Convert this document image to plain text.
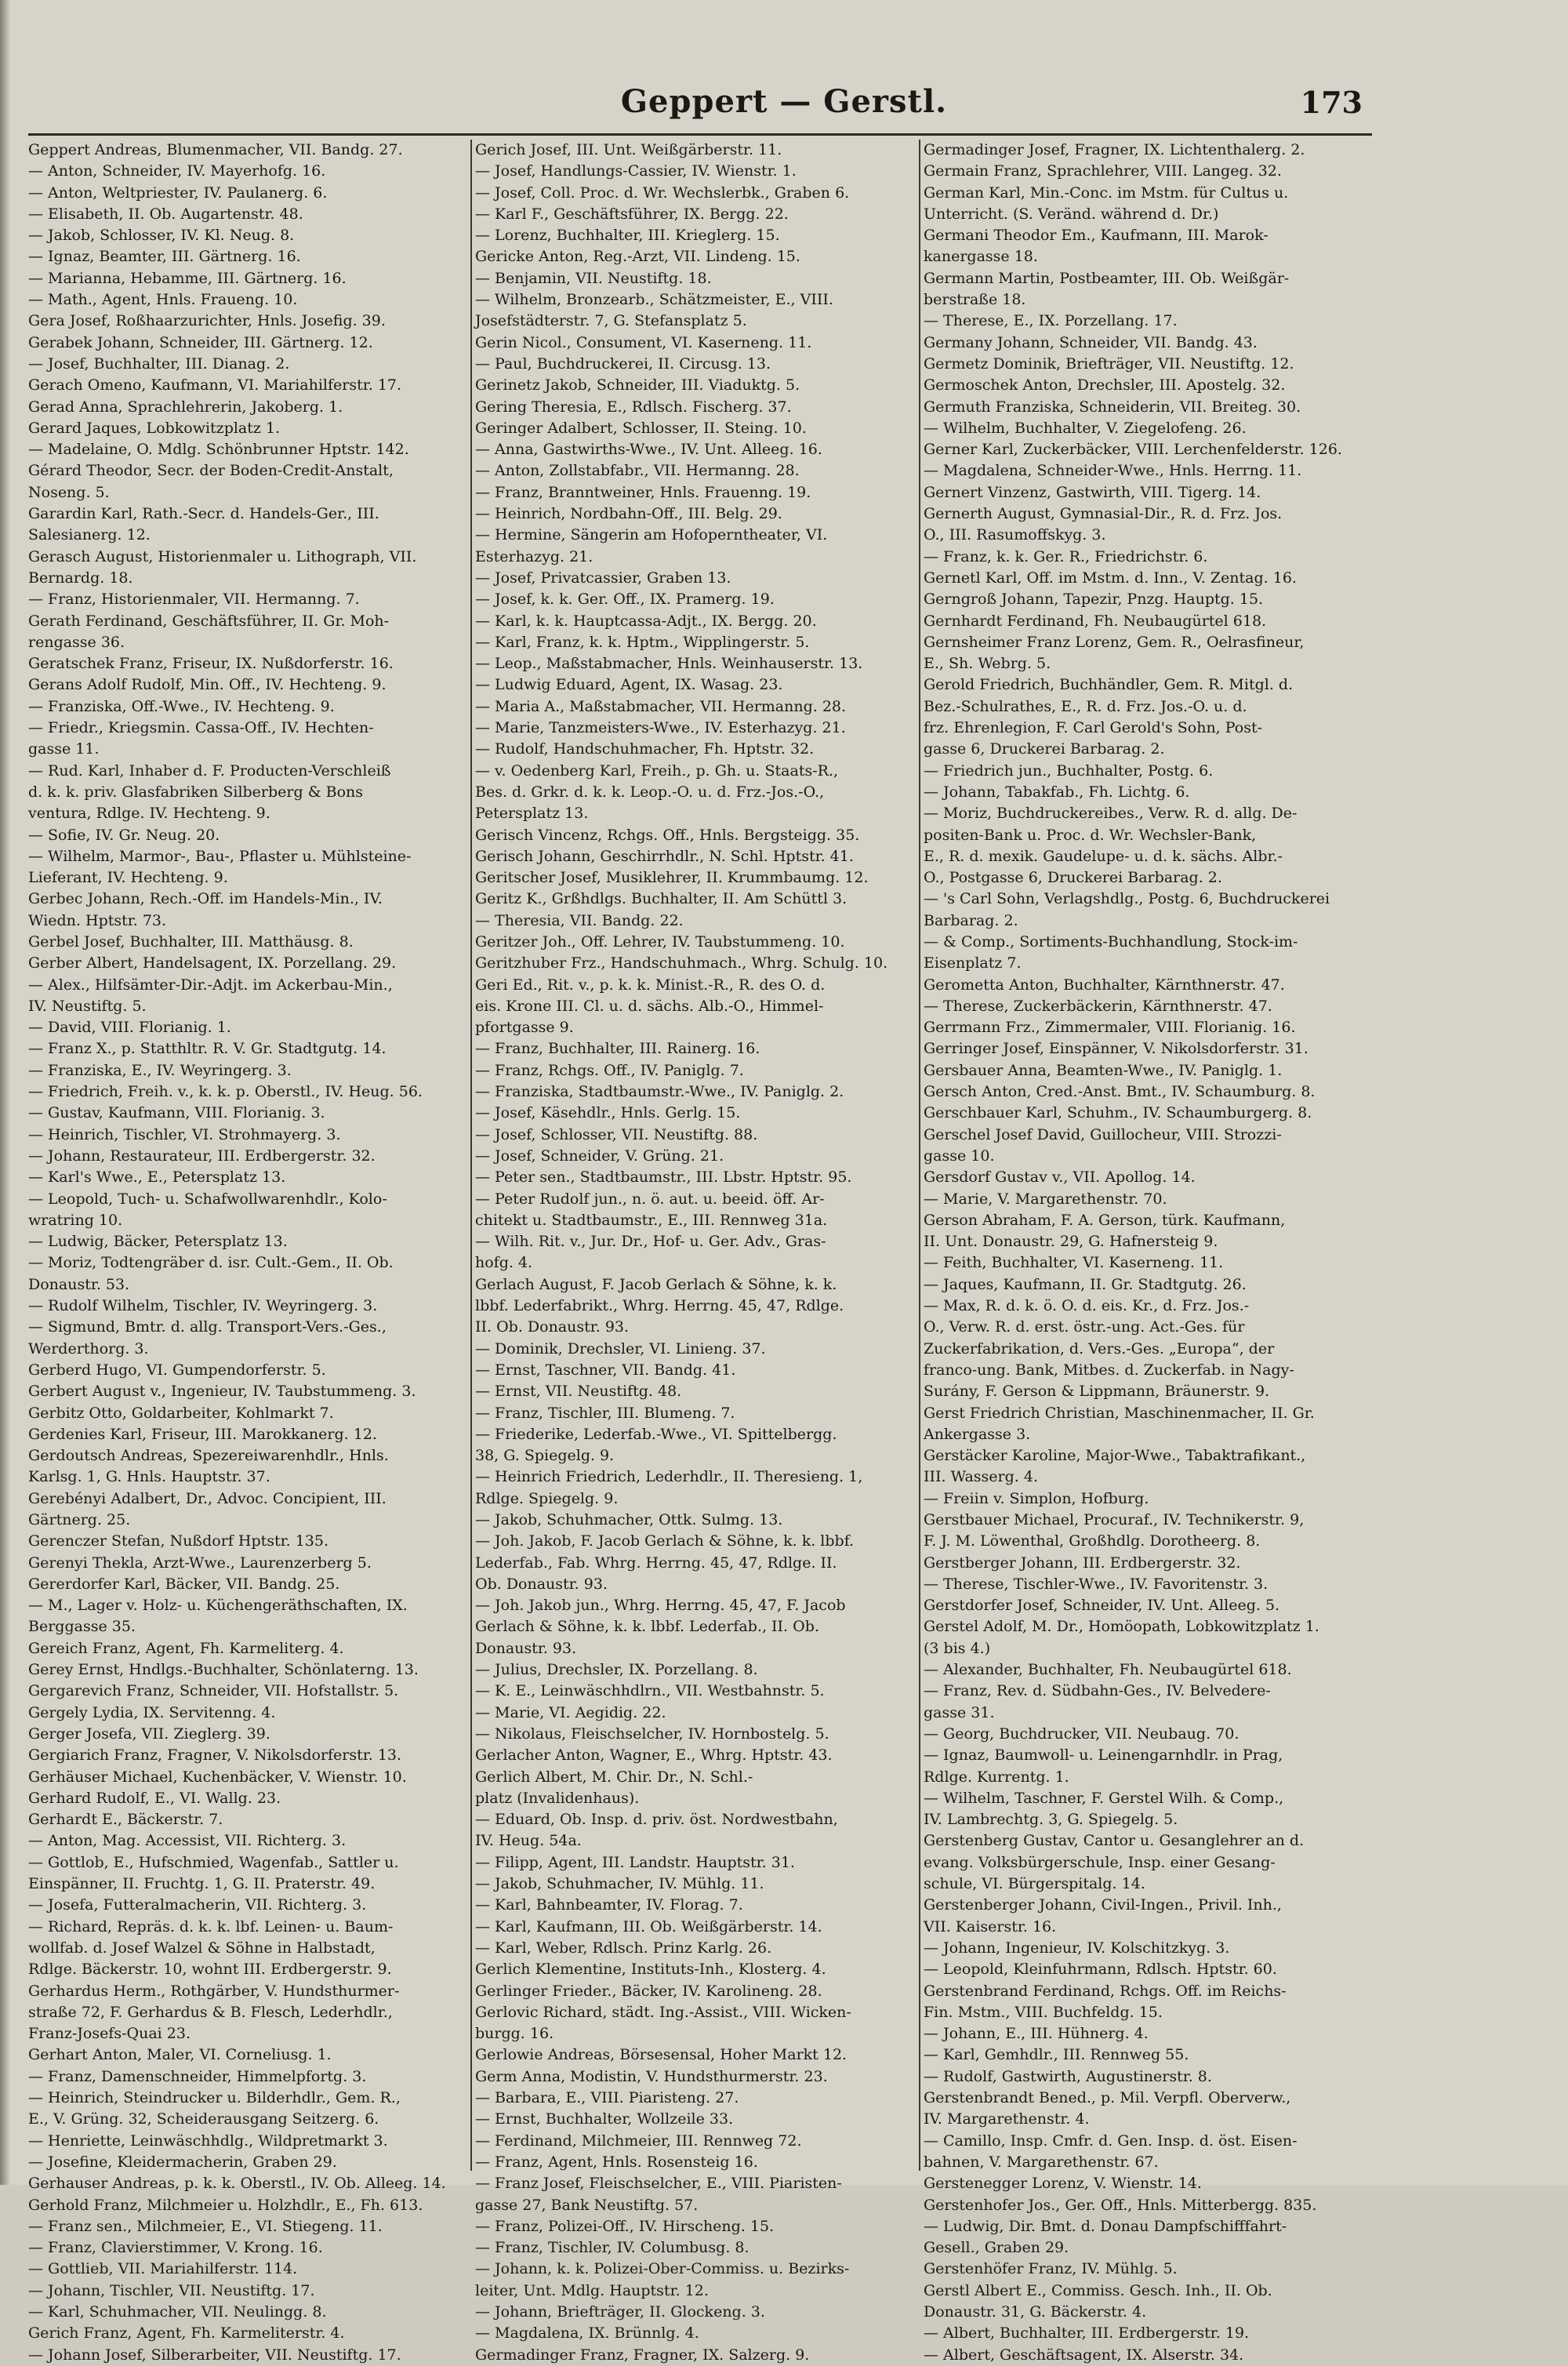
Geppert — Gerstl.	173
Geppert Andreas, Blumenmacher, VII. Bandg. 27.
— Anton, Schneider, IV. Mayerhofg. 16.
— Anton, Weltpriester, IV. Paulanerg. 6.
— Elisabeth, II. Ob. Augartenstr. 48.
— Jakob, Schlosser, IV. Kl. Neug. 8.
— Ignaz, Beamter, III. Gärtnerg. 16.
— Marianna, Hebamme, III. Gärtnerg. 16.
— Math., Agent, Hnls. Fraueng. 10.
Gera Josef, Roßhaarzurichter, Hnls. Josefig. 39.
Gerabek Johann, Schneider, III. Gärtnerg. 12.
— Josef, Buchhalter, III. Dianag. 2.
Gerach Omeno, Kaufmann, VI. Mariahilferstr. 17.
Gerad Anna, Sprachlehrerin, Jakoberg. 1.
Gerard Jaques, Lobkowitzplatz 1.
— Madelaine, O. Mdlg. Schönbrunner Hptstr. 142.
Gérard Theodor, Secr. der Boden-Credit-Anstalt,
Noseng. 5.
Garardin Karl, Rath.-Secr. d. Handels-Ger., III.
Salesianerg. 12.
Gerasch August, Historienmaler u. Lithograph, VII.
Bernardg. 18.
— Franz, Historienmaler, VII. Hermanng. 7.
Gerath Ferdinand, Geschäftsführer, II. Gr. Moh-
rengasse 36.
Geratschek Franz, Friseur, IX. Nußdorferstr. 16.
Gerans Adolf Rudolf, Min. Off., IV. Hechteng. 9.
— Franziska, Off.-Wwe., IV. Hechteng. 9.
— Friedr., Kriegsmin. Cassa-Off., IV. Hechten-
gasse 11.
— Rud. Karl, Inhaber d. F. Producten-Verschleiß
d. k. k. priv. Glasfabriken Silberberg & Bons
ventura, Rdlge. IV. Hechteng. 9.
— Sofie, IV. Gr. Neug. 20.
— Wilhelm, Marmor-, Bau-, Pflaster u. Mühlsteine-
Lieferant, IV. Hechteng. 9.
Gerbec Johann, Rech.-Off. im Handels-Min., IV.
Wiedn. Hptstr. 73.
Gerbel Josef, Buchhalter, III. Matthäusg. 8.
Gerber Albert, Handelsagent, IX. Porzellang. 29.
— Alex., Hilfsämter-Dir.-Adjt. im Ackerbau-Min.,
IV. Neustiftg. 5.
— David, VIII. Florianig. 1.
— Franz X., p. Statthltr. R. V. Gr. Stadtgutg. 14.
— Franziska, E., IV. Weyringerg. 3.
— Friedrich, Freih. v., k. k. p. Oberstl., IV. Heug. 56.
— Gustav, Kaufmann, VIII. Florianig. 3.
— Heinrich, Tischler, VI. Strohmayerg. 3.
— Johann, Restaurateur, III. Erdbergerstr. 32.
— Karl's Wwe., E., Petersplatz 13.
— Leopold, Tuch- u. Schafwollwarenhdlr., Kolo-
wratring 10.
— Ludwig, Bäcker, Petersplatz 13.
— Moriz, Todtengräber d. isr. Cult.-Gem., II. Ob.
Donaustr. 53.
— Rudolf Wilhelm, Tischler, IV. Weyringerg. 3.
— Sigmund, Bmtr. d. allg. Transport-Vers.-Ges.,
Werderthorg. 3.
Gerberd Hugo, VI. Gumpendorferstr. 5.
Gerbert August v., Ingenieur, IV. Taubstummeng. 3.
Gerbitz Otto, Goldarbeiter, Kohlmarkt 7.
Gerdenies Karl, Friseur, III. Marokkanerg. 12.
Gerdoutsch Andreas, Spezereiwarenhdlr., Hnls.
Karlsg. 1, G. Hnls. Hauptstr. 37.
Gerebényi Adalbert, Dr., Advoc. Concipient, III.
Gärtnerg. 25.
Gerenczer Stefan, Nußdorf Hptstr. 135.
Gerenyi Thekla, Arzt-Wwe., Laurenzerberg 5.
Gererdorfer Karl, Bäcker, VII. Bandg. 25.
— M., Lager v. Holz- u. Küchengeräthschaften, IX.
Berggasse 35.
Gereich Franz, Agent, Fh. Karmeliterg. 4.
Gerey Ernst, Hndlgs.-Buchhalter, Schönlaterng. 13.
Gergarevich Franz, Schneider, VII. Hofstallstr. 5.
Gergely Lydia, IX. Servitenng. 4.
Gerger Josefa, VII. Zieglerg. 39.
Gergiarich Franz, Fragner, V. Nikolsdorferstr. 13.
Gerhäuser Michael, Kuchenbäcker, V. Wienstr. 10.
Gerhard Rudolf, E., VI. Wallg. 23.
Gerhardt E., Bäckerstr. 7.
— Anton, Mag. Accessist, VII. Richterg. 3.
— Gottlob, E., Hufschmied, Wagenfab., Sattler u.
Einspänner, II. Fruchtg. 1, G. II. Praterstr. 49.
— Josefa, Futteralmacherin, VII. Richterg. 3.
— Richard, Repräs. d. k. k. lbf. Leinen- u. Baum-
wollfab. d. Josef Walzel & Söhne in Halbstadt,
Rdlge. Bäckerstr. 10, wohnt III. Erdbergerstr. 9.
Gerhardus Herm., Rothgärber, V. Hundsthurmer-
straße 72, F. Gerhardus & B. Flesch, Lederhdlr.,
Franz-Josefs-Quai 23.
Gerhart Anton, Maler, VI. Corneliusg. 1.
— Franz, Damenschneider, Himmelpfortg. 3.
— Heinrich, Steindrucker u. Bilderhdlr., Gem. R.,
E., V. Grüng. 32, Scheiderausgang Seitzerg. 6.
— Henriette, Leinwäschhdlg., Wildpretmarkt 3.
— Josefine, Kleidermacherin, Graben 29.
Gerhauser Andreas, p. k. k. Oberstl., IV. Ob. Alleeg. 14.
Gerhold Franz, Milchmeier u. Holzhdlr., E., Fh. 613.
— Franz sen., Milchmeier, E., VI. Stiegeng. 11.
— Franz, Clavierstimmer, V. Krong. 16.
— Gottlieb, VII. Mariahilferstr. 114.
— Johann, Tischler, VII. Neustiftg. 17.
— Karl, Schuhmacher, VII. Neulingg. 8.
Gerich Franz, Agent, Fh. Karmeliterstr. 4.
— Johann Josef, Silberarbeiter, VII. Neustiftg. 17.
Gerich Josef, III. Unt. Weißgärberstr. 11.
— Josef, Handlungs-Cassier, IV. Wienstr. 1.
— Josef, Coll. Proc. d. Wr. Wechslerbk., Graben 6.
— Karl F., Geschäftsführer, IX. Bergg. 22.
— Lorenz, Buchhalter, III. Krieglerg. 15.
Gericke Anton, Reg.-Arzt, VII. Lindeng. 15.
— Benjamin, VII. Neustiftg. 18.
— Wilhelm, Bronzearb., Schätzmeister, E., VIII.
Josefstädterstr. 7, G. Stefansplatz 5.
Gerin Nicol., Consument, VI. Kaserneng. 11.
— Paul, Buchdruckerei, II. Circusg. 13.
Gerinetz Jakob, Schneider, III. Viaduktg. 5.
Gering Theresia, E., Rdlsch. Fischerg. 37.
Geringer Adalbert, Schlosser, II. Steing. 10.
— Anna, Gastwirths-Wwe., IV. Unt. Alleeg. 16.
— Anton, Zollstabfabr., VII. Hermanng. 28.
— Franz, Branntweiner, Hnls. Frauenng. 19.
— Heinrich, Nordbahn-Off., III. Belg. 29.
— Hermine, Sängerin am Hofoperntheater, VI.
Esterhazyg. 21.
— Josef, Privatcassier, Graben 13.
— Josef, k. k. Ger. Off., IX. Pramerg. 19.
— Karl, k. k. Hauptcassa-Adjt., IX. Bergg. 20.
— Karl, Franz, k. k. Hptm., Wipplingerstr. 5.
— Leop., Maßstabmacher, Hnls. Weinhauserstr. 13.
— Ludwig Eduard, Agent, IX. Wasag. 23.
— Maria A., Maßstabmacher, VII. Hermanng. 28.
— Marie, Tanzmeisters-Wwe., IV. Esterhazyg. 21.
— Rudolf, Handschuhmacher, Fh. Hptstr. 32.
— v. Oedenberg Karl, Freih., p. Gh. u. Staats-R.,
Bes. d. Grkr. d. k. k. Leop.-O. u. d. Frz.-Jos.-O.,
Petersplatz 13.
Gerisch Vincenz, Rchgs. Off., Hnls. Bergsteigg. 35.
Gerisch Johann, Geschirrhdlr., N. Schl. Hptstr. 41.
Geritscher Josef, Musiklehrer, II. Krummbaumg. 12.
Geritz K., Grßhdlgs. Buchhalter, II. Am Schüttl 3.
— Theresia, VII. Bandg. 22.
Geritzer Joh., Off. Lehrer, IV. Taubstummeng. 10.
Geritzhuber Frz., Handschuhmach., Whrg. Schulg. 10.
Geri Ed., Rit. v., p. k. k. Minist.-R., R. des O. d.
eis. Krone III. Cl. u. d. sächs. Alb.-O., Himmel-
pfortgasse 9.
— Franz, Buchhalter, III. Rainerg. 16.
— Franz, Rchgs. Off., IV. Paniglg. 7.
— Franziska, Stadtbaumstr.-Wwe., IV. Paniglg. 2.
— Josef, Käsehdlr., Hnls. Gerlg. 15.
— Josef, Schlosser, VII. Neustiftg. 88.
— Josef, Schneider, V. Grüng. 21.
— Peter sen., Stadtbaumstr., III. Lbstr. Hptstr. 95.
— Peter Rudolf jun., n. ö. aut. u. beeid. öff. Ar-
chitekt u. Stadtbaumstr., E., III. Rennweg 31a.
— Wilh. Rit. v., Jur. Dr., Hof- u. Ger. Adv., Gras-
hofg. 4.
Gerlach August, F. Jacob Gerlach & Söhne, k. k.
lbbf. Lederfabrikt., Whrg. Herrng. 45, 47, Rdlge.
II. Ob. Donaustr. 93.
— Dominik, Drechsler, VI. Linieng. 37.
— Ernst, Taschner, VII. Bandg. 41.
— Ernst, VII. Neustiftg. 48.
— Franz, Tischler, III. Blumeng. 7.
— Friederike, Lederfab.-Wwe., VI. Spittelbergg.
38, G. Spiegelg. 9.
— Heinrich Friedrich, Lederhdlr., II. Theresieng. 1,
Rdlge. Spiegelg. 9.
— Jakob, Schuhmacher, Ottk. Sulmg. 13.
— Joh. Jakob, F. Jacob Gerlach & Söhne, k. k. lbbf.
Lederfab., Fab. Whrg. Herrng. 45, 47, Rdlge. II.
Ob. Donaustr. 93.
— Joh. Jakob jun., Whrg. Herrng. 45, 47, F. Jacob
Gerlach & Söhne, k. k. lbbf. Lederfab., II. Ob.
Donaustr. 93.
— Julius, Drechsler, IX. Porzellang. 8.
— K. E., Leinwäschhdlrn., VII. Westbahnstr. 5.
— Marie, VI. Aegidig. 22.
— Nikolaus, Fleischselcher, IV. Hornbostelg. 5.
Gerlacher Anton, Wagner, E., Whrg. Hptstr. 43.
Gerlich Albert, M. Chir. Dr., N. Schl.-
platz (Invalidenhaus).
— Eduard, Ob. Insp. d. priv. öst. Nordwestbahn,
IV. Heug. 54a.
— Filipp, Agent, III. Landstr. Hauptstr. 31.
— Jakob, Schuhmacher, IV. Mühlg. 11.
— Karl, Bahnbeamter, IV. Florag. 7.
— Karl, Kaufmann, III. Ob. Weißgärberstr. 14.
— Karl, Weber, Rdlsch. Prinz Karlg. 26.
Gerlich Klementine, Instituts-Inh., Klosterg. 4.
Gerlinger Frieder., Bäcker, IV. Karolineng. 28.
Gerlovic Richard, städt. Ing.-Assist., VIII. Wicken-
burgg. 16.
Gerlowie Andreas, Börsesensal, Hoher Markt 12.
Germ Anna, Modistin, V. Hundsthurmerstr. 23.
— Barbara, E., VIII. Piaristeng. 27.
— Ernst, Buchhalter, Wollzeile 33.
— Ferdinand, Milchmeier, III. Rennweg 72.
— Franz, Agent, Hnls. Rosensteig 16.
— Franz Josef, Fleischselcher, E., VIII. Piaristen-
gasse 27, Bank Neustiftg. 57.
— Franz, Polizei-Off., IV. Hirscheng. 15.
— Franz, Tischler, IV. Columbusg. 8.
— Johann, k. k. Polizei-Ober-Commiss. u. Bezirks-
leiter, Unt. Mdlg. Hauptstr. 12.
— Johann, Briefträger, II. Glockeng. 3.
— Magdalena, IX. Brünnlg. 4.
Germadinger Franz, Fragner, IX. Salzerg. 9.
Germadinger Josef, Fragner, IX. Lichtenthalerg. 2.
Germain Franz, Sprachlehrer, VIII. Langeg. 32.
German Karl, Min.-Conc. im Mstm. für Cultus u.
Unterricht. (S. Veränd. während d. Dr.)
Germani Theodor Em., Kaufmann, III. Marok-
kanergasse 18.
Germann Martin, Postbeamter, III. Ob. Weißgär-
berstraße 18.
— Therese, E., IX. Porzellang. 17.
Germany Johann, Schneider, VII. Bandg. 43.
Germetz Dominik, Briefträger, VII. Neustiftg. 12.
Germoschek Anton, Drechsler, III. Apostelg. 32.
Germuth Franziska, Schneiderin, VII. Breiteg. 30.
— Wilhelm, Buchhalter, V. Ziegelofeng. 26.
Gerner Karl, Zuckerbäcker, VIII. Lerchenfelderstr. 126.
— Magdalena, Schneider-Wwe., Hnls. Herrng. 11.
Gernert Vinzenz, Gastwirth, VIII. Tigerg. 14.
Gernerth August, Gymnasial-Dir., R. d. Frz. Jos.
O., III. Rasumoffskyg. 3.
— Franz, k. k. Ger. R., Friedrichstr. 6.
Gernetl Karl, Off. im Mstm. d. Inn., V. Zentag. 16.
Gerngroß Johann, Tapezir, Pnzg. Hauptg. 15.
Gernhardt Ferdinand, Fh. Neubaugürtel 618.
Gernsheimer Franz Lorenz, Gem. R., Oelrasfineur,
E., Sh. Webrg. 5.
Gerold Friedrich, Buchhändler, Gem. R. Mitgl. d.
Bez.-Schulrathes, E., R. d. Frz. Jos.-O. u. d.
frz. Ehrenlegion, F. Carl Gerold's Sohn, Post-
gasse 6, Druckerei Barbarag. 2.
— Friedrich jun., Buchhalter, Postg. 6.
— Johann, Tabakfab., Fh. Lichtg. 6.
— Moriz, Buchdruckereibes., Verw. R. d. allg. De-
positen-Bank u. Proc. d. Wr. Wechsler-Bank,
E., R. d. mexik. Gaudelupe- u. d. k. sächs. Albr.-
O., Postgasse 6, Druckerei Barbarag. 2.
— 's Carl Sohn, Verlagshdlg., Postg. 6, Buchdruckerei
Barbarag. 2.
— & Comp., Sortiments-Buchhandlung, Stock-im-
Eisenplatz 7.
Gerometta Anton, Buchhalter, Kärnthnerstr. 47.
— Therese, Zuckerbäckerin, Kärnthnerstr. 47.
Gerrmann Frz., Zimmermaler, VIII. Florianig. 16.
Gerringer Josef, Einspänner, V. Nikolsdorferstr. 31.
Gersbauer Anna, Beamten-Wwe., IV. Paniglg. 1.
Gersch Anton, Cred.-Anst. Bmt., IV. Schaumburg. 8.
Gerschbauer Karl, Schuhm., IV. Schaumburgerg. 8.
Gerschel Josef David, Guillocheur, VIII. Strozzi-
gasse 10.
Gersdorf Gustav v., VII. Apollog. 14.
— Marie, V. Margarethenstr. 70.
Gerson Abraham, F. A. Gerson, türk. Kaufmann,
II. Unt. Donaustr. 29, G. Hafnersteig 9.
— Feith, Buchhalter, VI. Kaserneng. 11.
— Jaques, Kaufmann, II. Gr. Stadtgutg. 26.
— Max, R. d. k. ö. O. d. eis. Kr., d. Frz. Jos.-
O., Verw. R. d. erst. östr.-ung. Act.-Ges. für
Zuckerfabrikation, d. Vers.-Ges. „Europa“, der
franco-ung. Bank, Mitbes. d. Zuckerfab. in Nagy-
Surány, F. Gerson & Lippmann, Bräunerstr. 9.
Gerst Friedrich Christian, Maschinenmacher, II. Gr.
Ankergasse 3.
Gerstäcker Karoline, Major-Wwe., Tabaktrafikant.,
III. Wasserg. 4.
— Freiin v. Simplon, Hofburg.
Gerstbauer Michael, Procuraf., IV. Technikerstr. 9,
F. J. M. Löwenthal, Großhdlg. Dorotheerg. 8.
Gerstberger Johann, III. Erdbergerstr. 32.
— Therese, Tischler-Wwe., IV. Favoritenstr. 3.
Gerstdorfer Josef, Schneider, IV. Unt. Alleeg. 5.
Gerstel Adolf, M. Dr., Homöopath, Lobkowitzplatz 1.
(3 bis 4.)
— Alexander, Buchhalter, Fh. Neubaugürtel 618.
— Franz, Rev. d. Südbahn-Ges., IV. Belvedere-
gasse 31.
— Georg, Buchdrucker, VII. Neubaug. 70.
— Ignaz, Baumwoll- u. Leinengarnhdlr. in Prag,
Rdlge. Kurrentg. 1.
— Wilhelm, Taschner, F. Gerstel Wilh. & Comp.,
IV. Lambrechtg. 3, G. Spiegelg. 5.
Gerstenberg Gustav, Cantor u. Gesanglehrer an d.
evang. Volksbürgerschule, Insp. einer Gesang-
schule, VI. Bürgerspitalg. 14.
Gerstenberger Johann, Civil-Ingen., Privil. Inh.,
VII. Kaiserstr. 16.
— Johann, Ingenieur, IV. Kolschitzkyg. 3.
— Leopold, Kleinfuhrmann, Rdlsch. Hptstr. 60.
Gerstenbrand Ferdinand, Rchgs. Off. im Reichs-
Fin. Mstm., VIII. Buchfeldg. 15.
— Johann, E., III. Hühnerg. 4.
— Karl, Gemhdlr., III. Rennweg 55.
— Rudolf, Gastwirth, Augustinerstr. 8.
Gerstenbrandt Bened., p. Mil. Verpfl. Oberverw.,
IV. Margarethenstr. 4.
— Camillo, Insp. Cmfr. d. Gen. Insp. d. öst. Eisen-
bahnen, V. Margarethenstr. 67.
Gerstenegger Lorenz, V. Wienstr. 14.
Gerstenhofer Jos., Ger. Off., Hnls. Mitterbergg. 835.
— Ludwig, Dir. Bmt. d. Donau Dampfschifffahrt-
Gesell., Graben 29.
Gerstenhöfer Franz, IV. Mühlg. 5.
Gerstl Albert E., Commiss. Gesch. Inh., II. Ob.
Donaustr. 31, G. Bäckerstr. 4.
— Albert, Buchhalter, III. Erdbergerstr. 19.
— Albert, Geschäftsagent, IX. Alserstr. 34.
